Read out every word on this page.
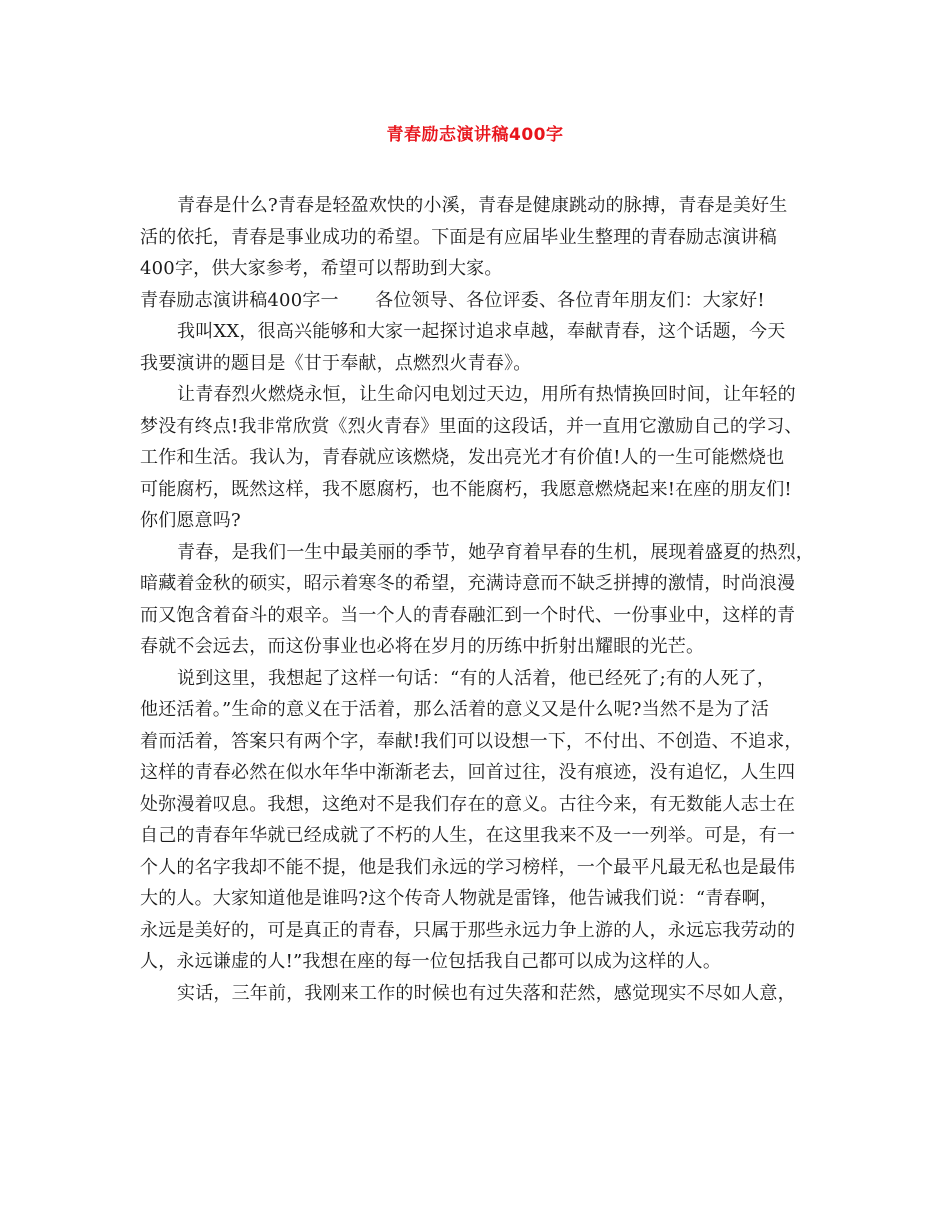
青春励志演讲稿400字
青春是什么?青春是轻盈欢快的小溪，青春是健康跳动的脉搏，青春是美好生
活的依托，青春是事业成功的希望。下面是有应届毕业生整理的青春励志演讲稿
400字，供大家参考，希望可以帮助到大家。
青春励志演讲稿400字一　　各位领导、各位评委、各位青年朋友们：大家好!
我叫XX，很高兴能够和大家一起探讨追求卓越，奉献青春，这个话题，今天
我要演讲的题目是《甘于奉献，点燃烈火青春》。
让青春烈火燃烧永恒，让生命闪电划过天边，用所有热情换回时间，让年轻的
梦没有终点!我非常欣赏《烈火青春》里面的这段话，并一直用它激励自己的学习、
工作和生活。我认为，青春就应该燃烧，发出亮光才有价值!人的一生可能燃烧也
可能腐朽，既然这样，我不愿腐朽，也不能腐朽，我愿意燃烧起来!在座的朋友们!
你们愿意吗?
青春，是我们一生中最美丽的季节，她孕育着早春的生机，展现着盛夏的热烈，
暗藏着金秋的硕实，昭示着寒冬的希望，充满诗意而不缺乏拼搏的激情，时尚浪漫
而又饱含着奋斗的艰辛。当一个人的青春融汇到一个时代、一份事业中，这样的青
春就不会远去，而这份事业也必将在岁月的历练中折射出耀眼的光芒。
说到这里，我想起了这样一句话：“有的人活着，他已经死了;有的人死了，
他还活着。”生命的意义在于活着，那么活着的意义又是什么呢?当然不是为了活
着而活着，答案只有两个字，奉献!我们可以设想一下，不付出、不创造、不追求，
这样的青春必然在似水年华中渐渐老去，回首过往，没有痕迹，没有追忆，人生四
处弥漫着叹息。我想，这绝对不是我们存在的意义。古往今来，有无数能人志士在
自己的青春年华就已经成就了不朽的人生，在这里我来不及一一列举。可是，有一
个人的名字我却不能不提，他是我们永远的学习榜样，一个最平凡最无私也是最伟
大的人。大家知道他是谁吗?这个传奇人物就是雷锋，他告诫我们说：“青春啊，
永远是美好的，可是真正的青春，只属于那些永远力争上游的人，永远忘我劳动的
人，永远谦虚的人!”我想在座的每一位包括我自己都可以成为这样的人。
实话，三年前，我刚来工作的时候也有过失落和茫然，感觉现实不尽如人意，
